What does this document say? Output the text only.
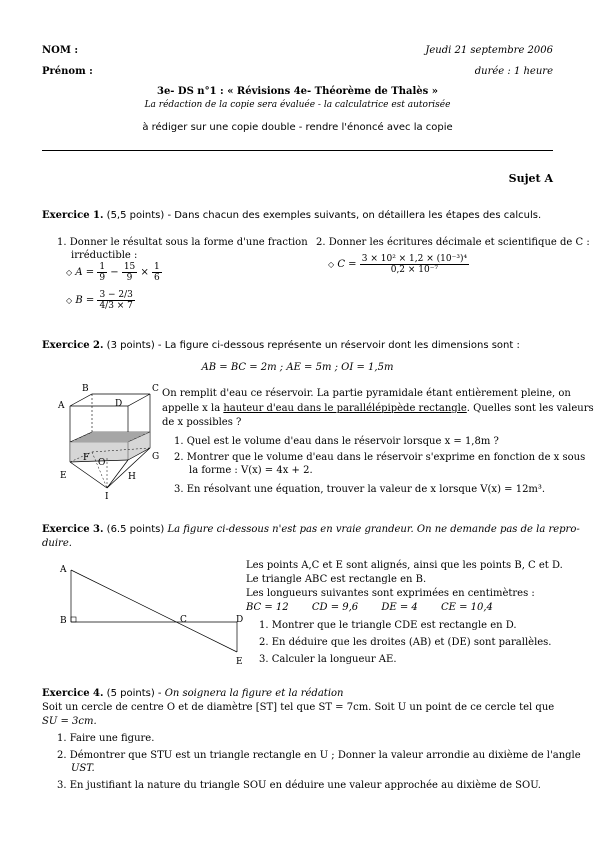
NOM :	Jeudi 21 septembre 2006
Prénom :	durée : 1 heure
3e- DS n°1 : « Révisions 4e- Théorème de Thalès »
La rédaction de la copie sera évaluée - la calculatrice est autorisée
à rédiger sur une copie double - rendre l'énoncé avec la copie
Sujet A
Exercice 1. (5,5 points) - Dans chacun des exemples suivants, on détaillera les étapes des calculs.
1. Donner le résultat sous la forme d'une fraction
irréductible :
2. Donner les écritures décimale et scientifique de C :
◇ $A = \frac{1}{9} - \frac{15}{9} \times \frac{1}{6}$
◇ $B = \frac{3 - 2/3}{4/3 \times 7}$
◇ $C = \frac{\text{3 × 10² × 1,2 × (10⁻³)⁴}}{\text{0,2 × 10⁻⁷}}$
Exercice 2. (3 points) - La figure ci-dessous représente un réservoir dont les dimensions sont :
AB = BC = 2m ; AE = 5m ; OI = 1,5m
B	C
A	D
F O
G
E	H
I
On remplit d'eau ce réservoir. La partie pyramidale étant entièrement pleine, on
appelle x la hauteur d'eau dans le parallélépipède rectangle. Quelles sont les valeurs
de x possibles ?
1. Quel est le volume d'eau dans le réservoir lorsque x = 1,8m ?
2. Montrer que le volume d'eau dans le réservoir s'exprime en fonction de x sous
la forme : V(x) = 4x + 2.
3. En résolvant une équation, trouver la valeur de x lorsque V(x) = 12m³.
Exercice 3. (6.5 points) La figure ci-dessous n'est pas en vraie grandeur. On ne demande pas de la repro-
duire.
A
B	C	D
E
Les points A,C et E sont alignés, ainsi que les points B, C et D.
Le triangle ABC est rectangle en B.
Les longueurs suivantes sont exprimées en centimètres :
BC = 12 CD = 9,6 DE = 4 CE = 10,4
1. Montrer que le triangle CDE est rectangle en D.
2. En déduire que les droites (AB) et (DE) sont parallèles.
3. Calculer la longueur AE.
Exercice 4. (5 points) - On soignera la figure et la rédation
Soit un cercle de centre O et de diamètre [ST] tel que ST = 7cm. Soit U un point de ce cercle tel que
SU = 3cm.
1. Faire une figure.
2. Démontrer que STU est un triangle rectangle en U ; Donner la valeur arrondie au dixième de l'angle
UST.
3. En justifiant la nature du triangle SOU en déduire une valeur approchée au dixième de SOU.
